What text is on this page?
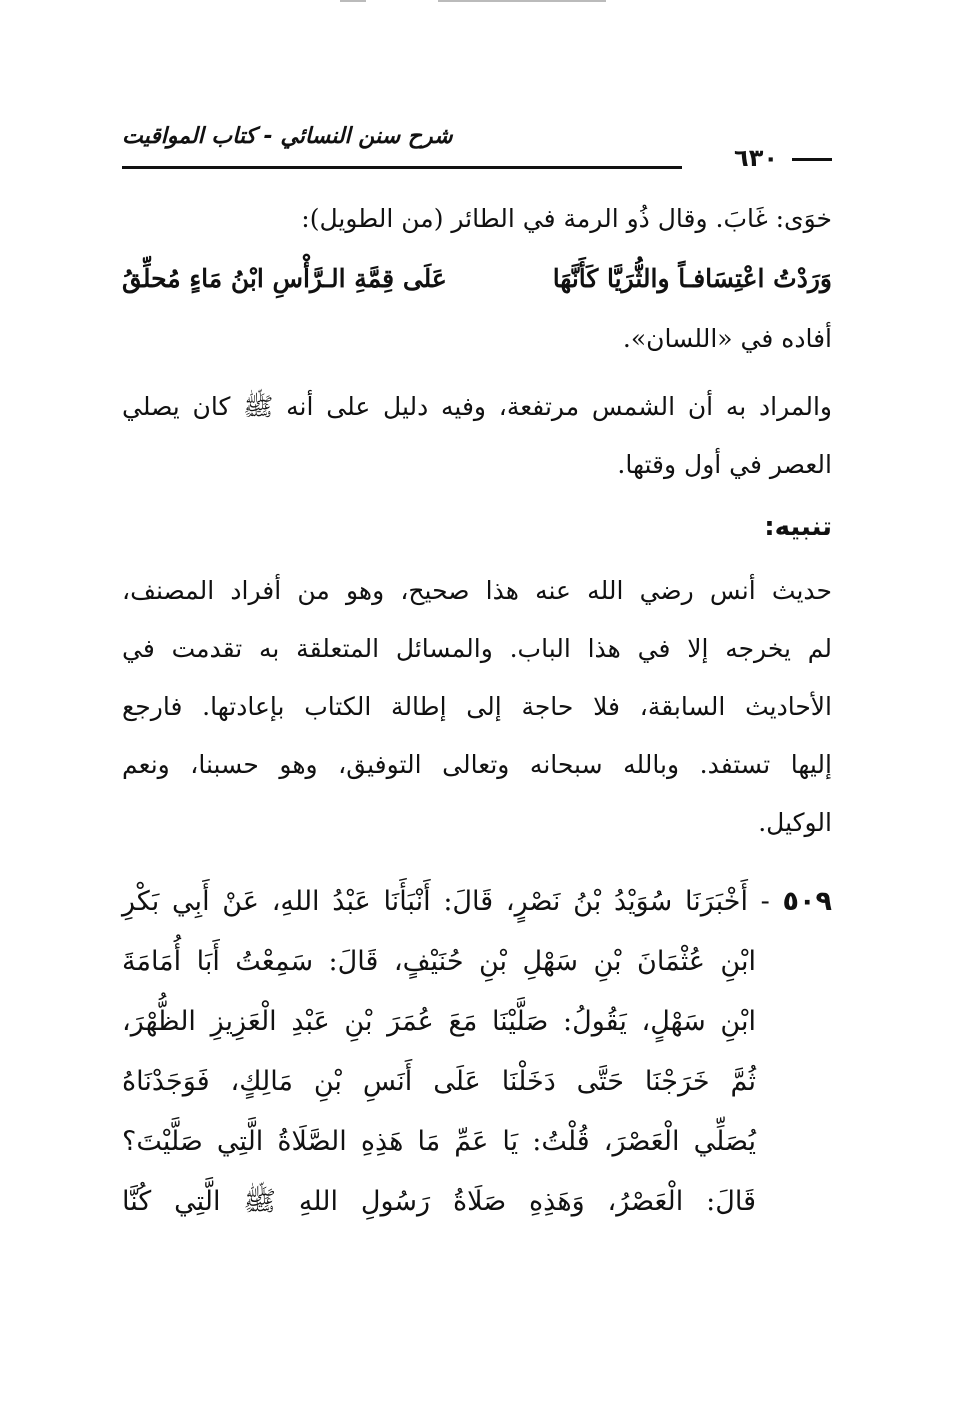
٦٣٠
شرح سنن النسائي - كتاب المواقيت

خوَى: غَابَ. وقال ذُو الرمة في الطائر (من الطويل):

وَرَدْتُ اعْتِسَافـاً والثُّرَيَّا كَأَنَّهَا
عَلَى قِمَّةِ الـرَّأْسِ ابْنُ مَاءٍ مُحلِّقُ

أفاده في «اللسان».

والمراد به أن الشمس مرتفعة، وفيه دليل على أنه ﷺ كان يصلي
العصر في أول وقتها.

تنبيه:

حديث أنس رضي الله عنه هذا صحيح، وهو من أفراد المصنف،
لم يخرجه إلا في هذا الباب. والمسائل المتعلقة به تقدمت في
الأحاديث السابقة، فلا حاجة إلى إطالة الكتاب بإعادتها. فارجع
إليها تستفد. وبالله سبحانه وتعالى التوفيق، وهو حسبنا، ونعم
الوكيل.

٥٠٩ - أَخْبَرَنَا سُوَيْدُ بْنُ نَصْرٍ، قَالَ: أَنْبَأَنَا عَبْدُ اللهِ، عَنْ أَبِي بَكْرِ
ابْنِ عُثْمَانَ بْنِ سَهْلِ بْنِ حُنَيْفٍ، قَالَ: سَمِعْتُ أَبَا أُمَامَةَ
ابْنِ سَهْلٍ، يَقُولُ: صَلَّيْنَا مَعَ عُمَرَ بْنِ عَبْدِ الْعَزِيزِ الظُّهْرَ،
ثُمَّ خَرَجْنَا حَتَّى دَخَلْنَا عَلَى أَنَسِ بْنِ مَالِكٍ، فَوَجَدْنَاهُ
يُصَلِّي الْعَصْرَ، قُلْتُ: يَا عَمِّ مَا هَذِهِ الصَّلَاةُ الَّتِي صَلَّيْتَ؟
قَالَ: الْعَصْرُ، وَهَذِهِ صَلَاةُ رَسُولِ اللهِ ﷺ الَّتِي كُنَّا
